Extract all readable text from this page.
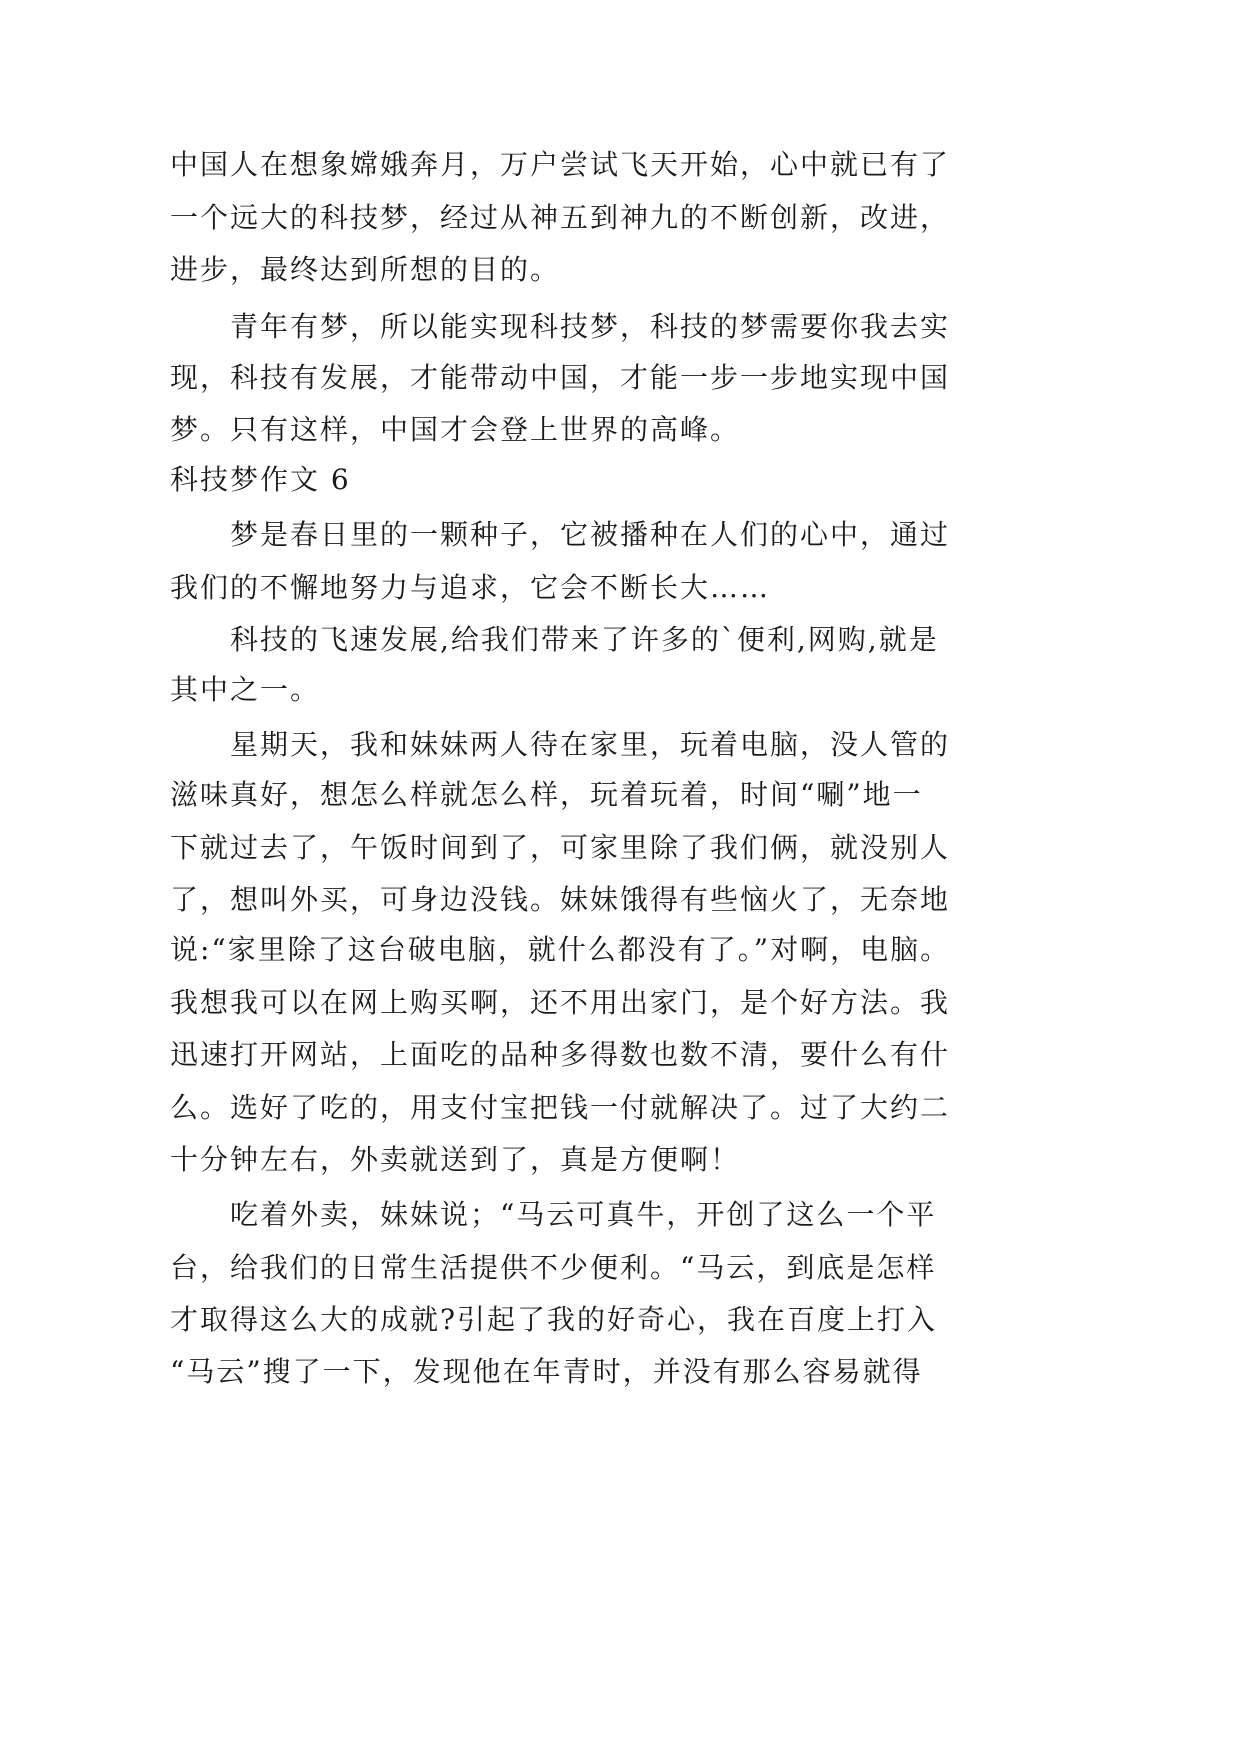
中国人在想象嫦娥奔月，万户尝试飞天开始，心中就已有了
一个远大的科技梦，经过从神五到神九的不断创新，改进，
进步，最终达到所想的目的。
青年有梦，所以能实现科技梦，科技的梦需要你我去实
现，科技有发展，才能带动中国，才能一步一步地实现中国
梦。只有这样，中国才会登上世界的高峰。
科技梦作文 6
梦是春日里的一颗种子，它被播种在人们的心中，通过
我们的不懈地努力与追求，它会不断长大……
科技的飞速发展,给我们带来了许多的`便利,网购,就是
其中之一。
星期天，我和妹妹两人待在家里，玩着电脑，没人管的
滋味真好，想怎么样就怎么样，玩着玩着，时间“唰”地一
下就过去了，午饭时间到了，可家里除了我们俩，就没别人
了，想叫外买，可身边没钱。妹妹饿得有些恼火了，无奈地
说:“家里除了这台破电脑，就什么都没有了。”对啊，电脑。
我想我可以在网上购买啊，还不用出家门，是个好方法。我
迅速打开网站，上面吃的品种多得数也数不清，要什么有什
么。选好了吃的，用支付宝把钱一付就解决了。过了大约二
十分钟左右，外卖就送到了，真是方便啊！
吃着外卖，妹妹说；“马云可真牛，开创了这么一个平
台，给我们的日常生活提供不少便利。“马云，到底是怎样
才取得这么大的成就?引起了我的好奇心，我在百度上打入
“马云”搜了一下，发现他在年青时，并没有那么容易就得
